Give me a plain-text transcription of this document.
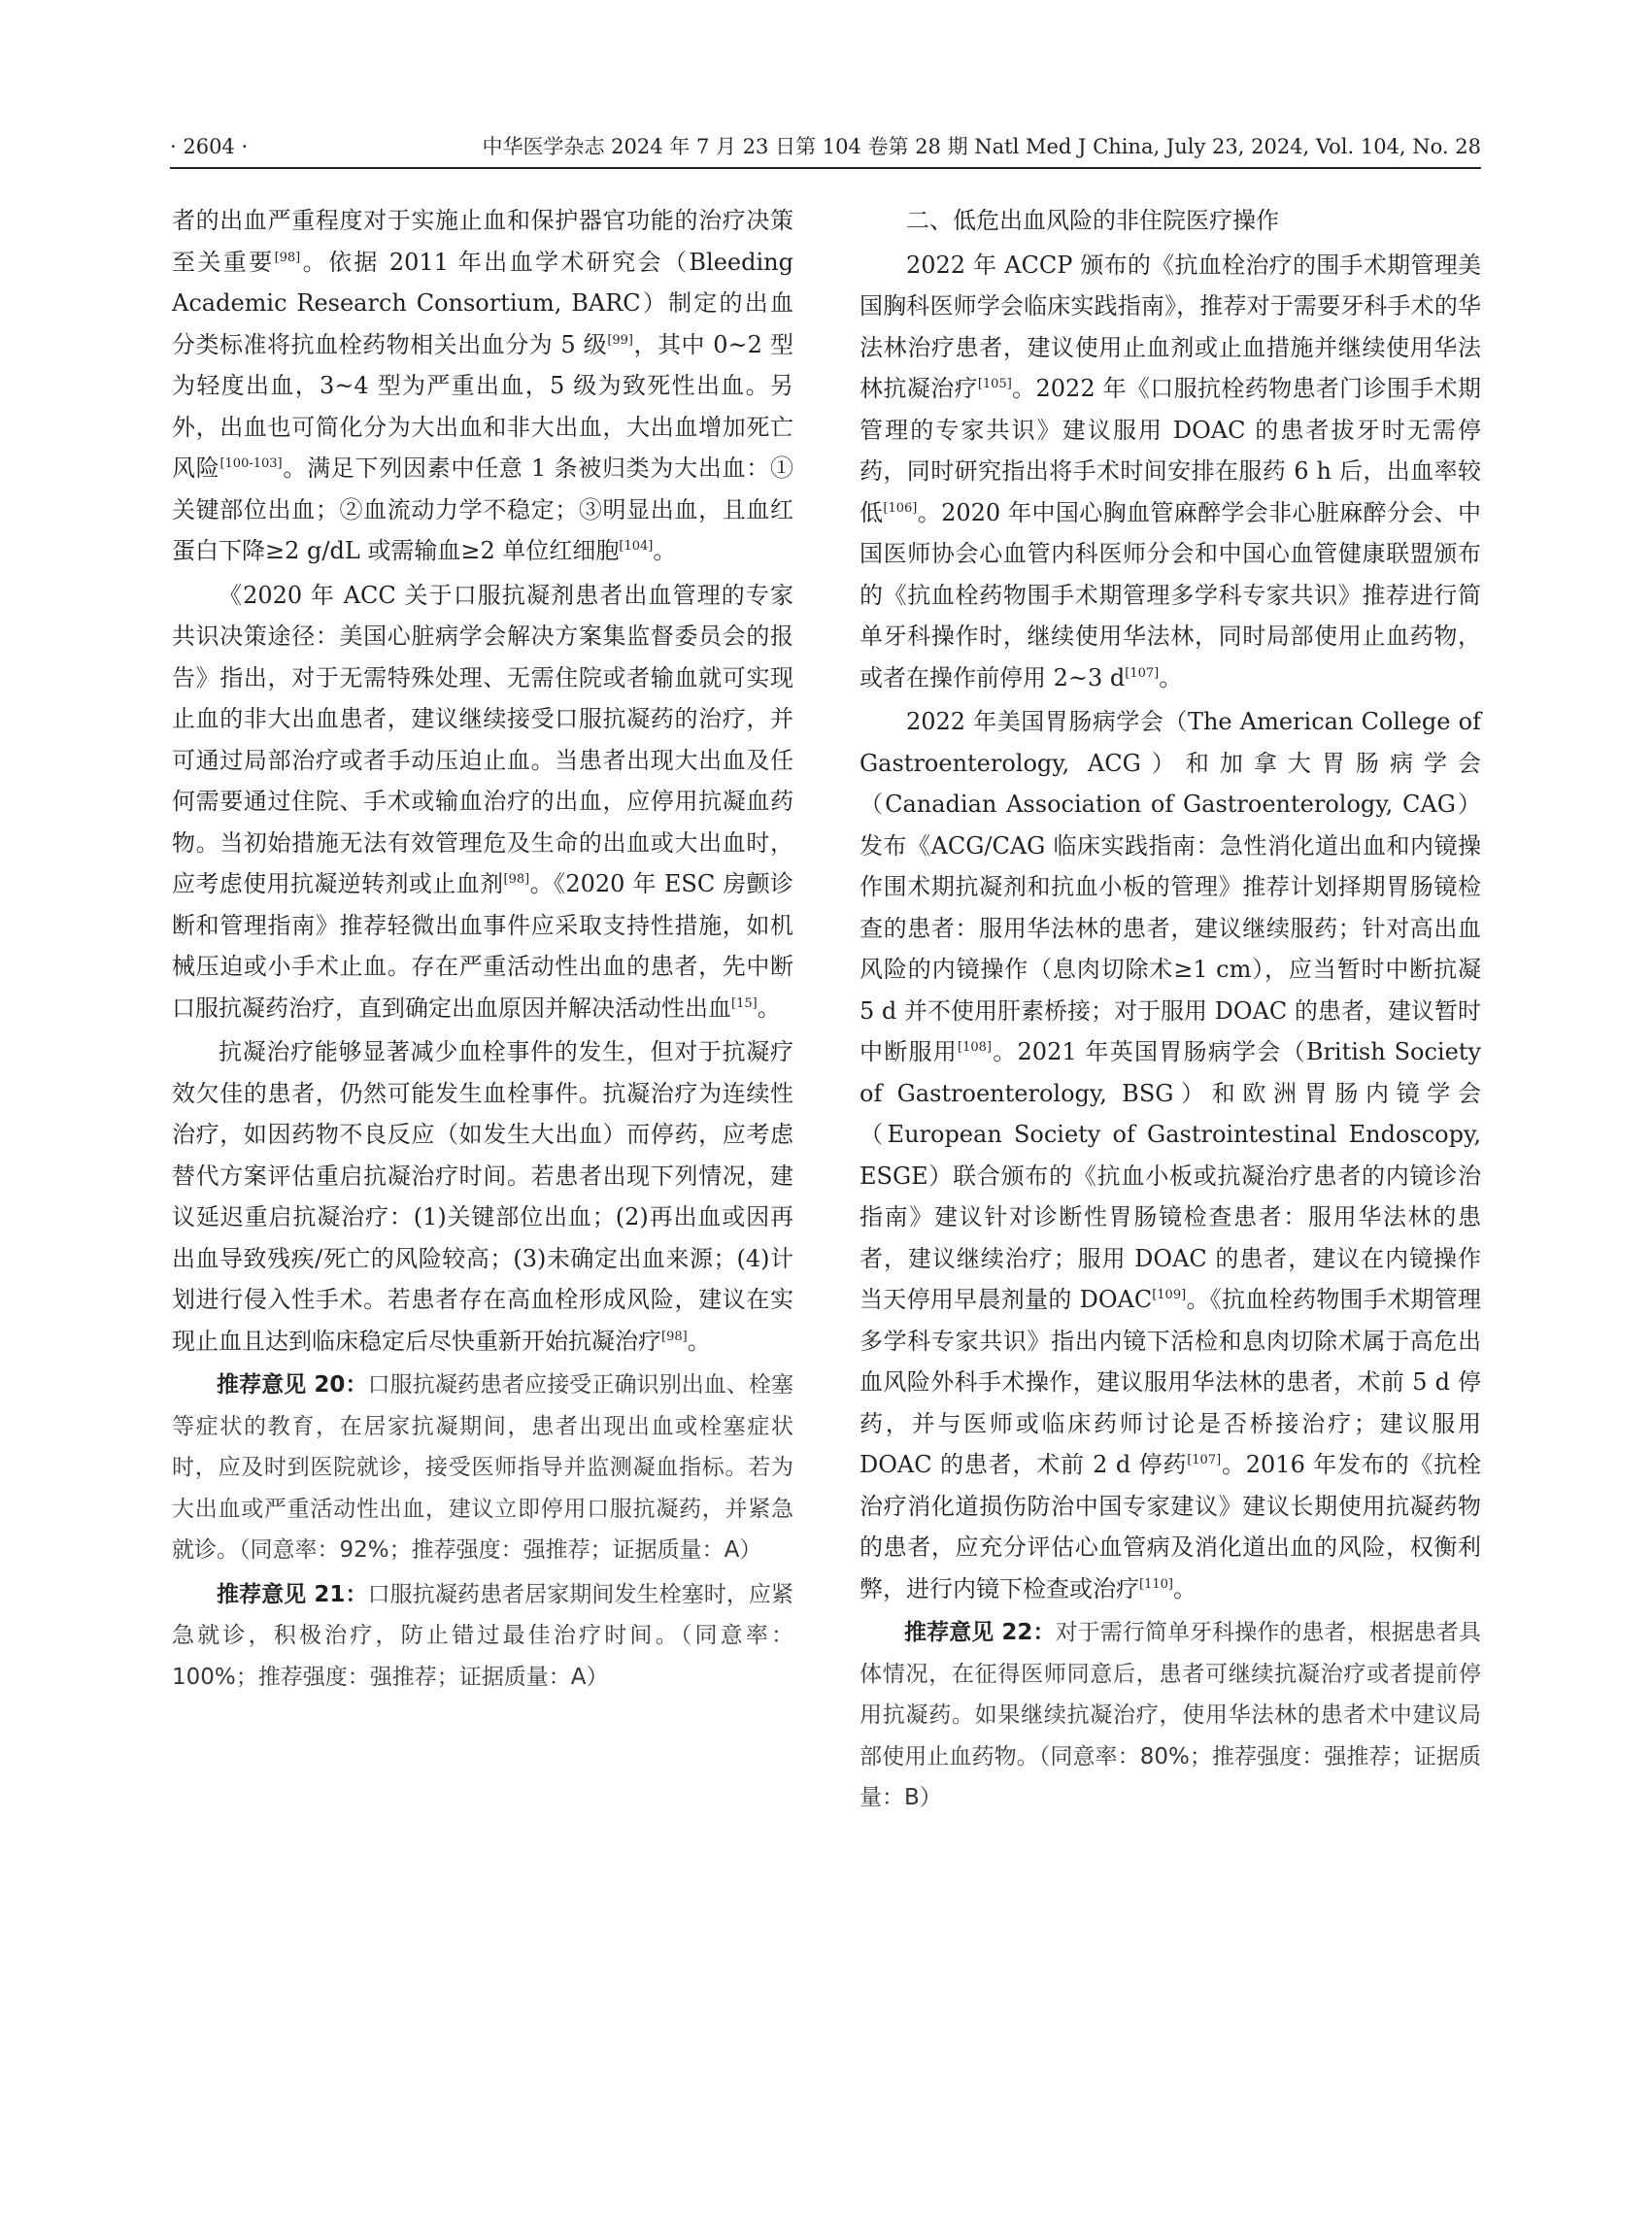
· 2604 ·	中华医学杂志 2024 年 7 月 23 日第 104 卷第 28 期 Natl Med J China, July 23, 2024, Vol. 104, No. 28

者的出血严重程度对于实施止血和保护器官功能的治疗决策至关重要[98]。依据 2011 年出血学术研究会（Bleeding Academic Research Consortium, BARC）制定的出血分类标准将抗血栓药物相关出血分为 5 级[99]，其中 0~2 型为轻度出血，3~4 型为严重出血，5 级为致死性出血。另外，出血也可简化分为大出血和非大出血，大出血增加死亡风险[100-103]。满足下列因素中任意 1 条被归类为大出血：①关键部位出血；②血流动力学不稳定；③明显出血，且血红蛋白下降≥2 g/dL 或需输血≥2 单位红细胞[104]。

《2020 年 ACC 关于口服抗凝剂患者出血管理的专家共识决策途径：美国心脏病学会解决方案集监督委员会的报告》指出，对于无需特殊处理、无需住院或者输血就可实现止血的非大出血患者，建议继续接受口服抗凝药的治疗，并可通过局部治疗或者手动压迫止血。当患者出现大出血及任何需要通过住院、手术或输血治疗的出血，应停用抗凝血药物。当初始措施无法有效管理危及生命的出血或大出血时，应考虑使用抗凝逆转剂或止血剂[98]。《2020 年 ESC 房颤诊断和管理指南》推荐轻微出血事件应采取支持性措施，如机械压迫或小手术止血。存在严重活动性出血的患者，先中断口服抗凝药治疗，直到确定出血原因并解决活动性出血[15]。

抗凝治疗能够显著减少血栓事件的发生，但对于抗凝疗效欠佳的患者，仍然可能发生血栓事件。抗凝治疗为连续性治疗，如因药物不良反应（如发生大出血）而停药，应考虑替代方案评估重启抗凝治疗时间。若患者出现下列情况，建议延迟重启抗凝治疗：(1)关键部位出血；(2)再出血或因再出血导致残疾/死亡的风险较高；(3)未确定出血来源；(4)计划进行侵入性手术。若患者存在高血栓形成风险，建议在实现止血且达到临床稳定后尽快重新开始抗凝治疗[98]。

推荐意见 20：口服抗凝药患者应接受正确识别出血、栓塞等症状的教育，在居家抗凝期间，患者出现出血或栓塞症状时，应及时到医院就诊，接受医师指导并监测凝血指标。若为大出血或严重活动性出血，建议立即停用口服抗凝药，并紧急就诊。（同意率：92%；推荐强度：强推荐；证据质量：A）

推荐意见 21：口服抗凝药患者居家期间发生栓塞时，应紧急就诊，积极治疗，防止错过最佳治疗时间。（同意率：100%；推荐强度：强推荐；证据质量：A）

二、低危出血风险的非住院医疗操作

2022 年 ACCP 颁布的《抗血栓治疗的围手术期管理美国胸科医师学会临床实践指南》，推荐对于需要牙科手术的华法林治疗患者，建议使用止血剂或止血措施并继续使用华法林抗凝治疗[105]。2022 年《口服抗栓药物患者门诊围手术期管理的专家共识》建议服用 DOAC 的患者拔牙时无需停药，同时研究指出将手术时间安排在服药 6 h 后，出血率较低[106]。2020 年中国心胸血管麻醉学会非心脏麻醉分会、中国医师协会心血管内科医师分会和中国心血管健康联盟颁布的《抗血栓药物围手术期管理多学科专家共识》推荐进行简单牙科操作时，继续使用华法林，同时局部使用止血药物，或者在操作前停用 2~3 d[107]。

2022 年美国胃肠病学会（The American College of Gastroenterology, ACG）和加拿大胃肠病学会（Canadian Association of Gastroenterology, CAG）发布《ACG/CAG 临床实践指南：急性消化道出血和内镜操作围术期抗凝剂和抗血小板的管理》推荐计划择期胃肠镜检查的患者：服用华法林的患者，建议继续服药；针对高出血风险的内镜操作（息肉切除术≥1 cm），应当暂时中断抗凝 5 d 并不使用肝素桥接；对于服用 DOAC 的患者，建议暂时中断服用[108]。2021 年英国胃肠病学会（British Society of Gastroenterology, BSG）和欧洲胃肠内镜学会（European Society of Gastrointestinal Endoscopy, ESGE）联合颁布的《抗血小板或抗凝治疗患者的内镜诊治指南》建议针对诊断性胃肠镜检查患者：服用华法林的患者，建议继续治疗；服用 DOAC 的患者，建议在内镜操作当天停用早晨剂量的 DOAC[109]。《抗血栓药物围手术期管理多学科专家共识》指出内镜下活检和息肉切除术属于高危出血风险外科手术操作，建议服用华法林的患者，术前 5 d 停药，并与医师或临床药师讨论是否桥接治疗；建议服用 DOAC 的患者，术前 2 d 停药[107]。2016 年发布的《抗栓治疗消化道损伤防治中国专家建议》建议长期使用抗凝药物的患者，应充分评估心血管病及消化道出血的风险，权衡利弊，进行内镜下检查或治疗[110]。

推荐意见 22：对于需行简单牙科操作的患者，根据患者具体情况，在征得医师同意后，患者可继续抗凝治疗或者提前停用抗凝药。如果继续抗凝治疗，使用华法林的患者术中建议局部使用止血药物。（同意率：80%；推荐强度：强推荐；证据质量：B）
